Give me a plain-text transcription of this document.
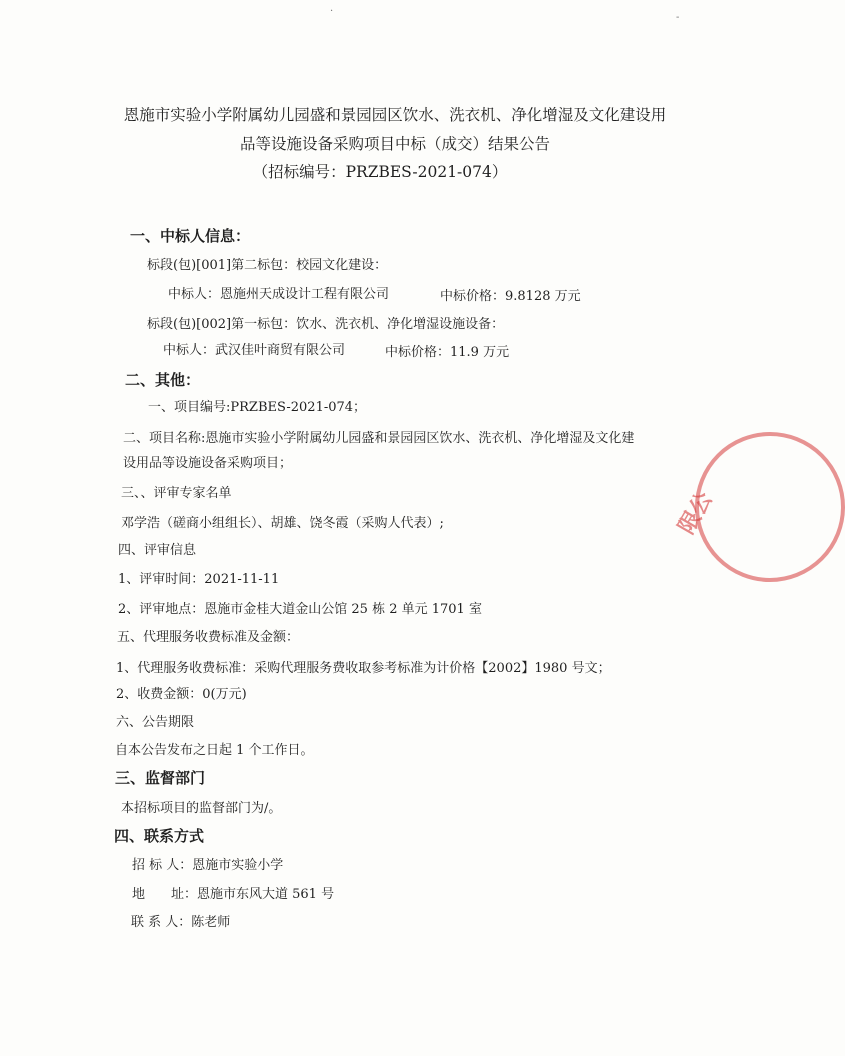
·
-
恩施市实验小学附属幼儿园盛和景园园区饮水、洗衣机、净化增湿及文化建设用
品等设施设备采购项目中标（成交）结果公告
（招标编号：PRZBES-2021-074）
一、中标人信息：
标段(包)[001]第二标包：校园文化建设：
中标人：恩施州天成设计工程有限公司	中标价格：9.8128 万元
标段(包)[002]第一标包：饮水、洗衣机、净化增湿设施设备：
中标人：武汉佳叶商贸有限公司	中标价格：11.9 万元
二、其他：
一、项目编号:PRZBES-2021-074；
二、项目名称:恩施市实验小学附属幼儿园盛和景园园区饮水、洗衣机、净化增湿及文化建
设用品等设施设备采购项目；
三、、评审专家名单
邓学浩（磋商小组组长）、胡雄、饶冬霞（采购人代表）;
四、评审信息
1、评审时间：2021-11-11
2、评审地点：恩施市金桂大道金山公馆 25 栋 2 单元 1701 室
五、代理服务收费标准及金额：
1、代理服务收费标准：采购代理服务费收取参考标准为计价格【2002】1980 号文；
2、收费金额：0(万元)
六、公告期限
自本公告发布之日起 1 个工作日。
三、监督部门
本招标项目的监督部门为/。
四、联系方式
招 标 人：恩施市实验小学
地　　址：恩施市东风大道 561 号
联 系 人：陈老师
限公
